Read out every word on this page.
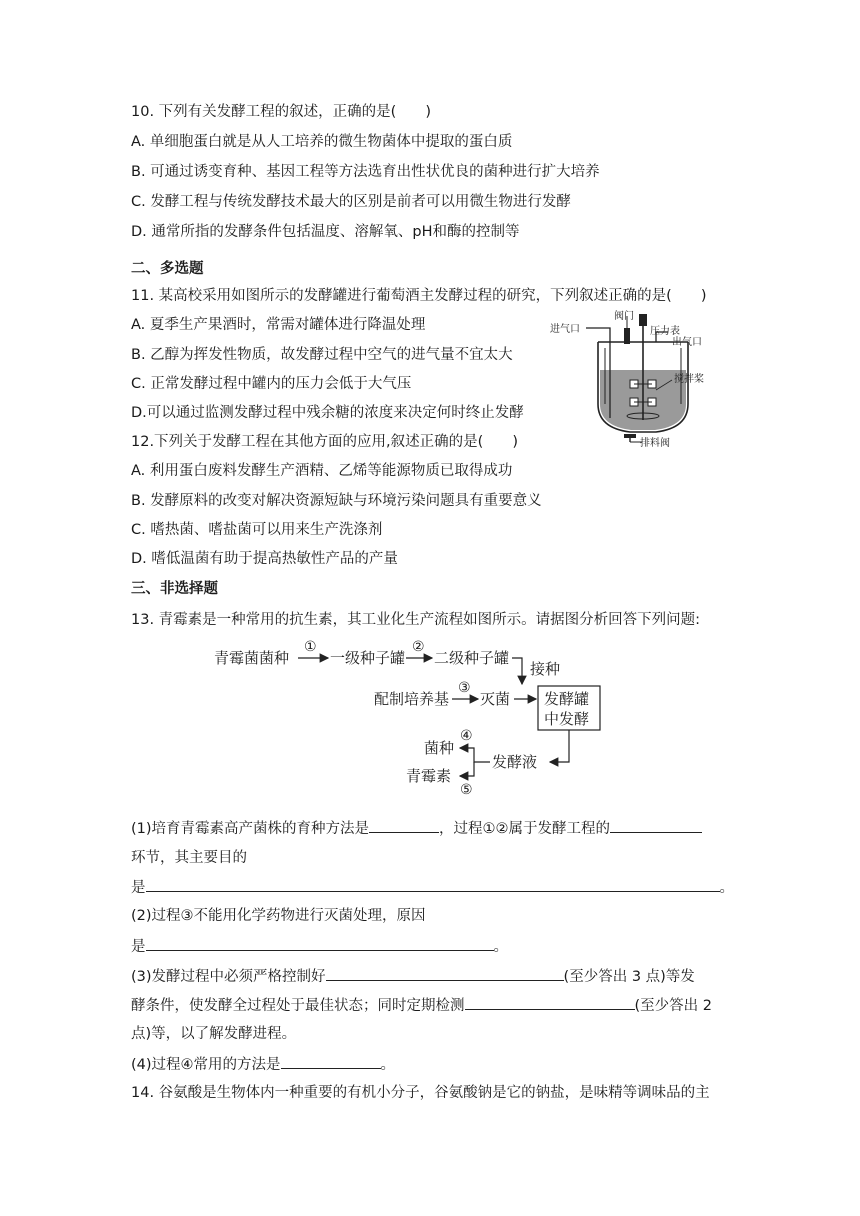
10. 下列有关发酵工程的叙述，正确的是(　　)
A. 单细胞蛋白就是从人工培养的微生物菌体中提取的蛋白质
B. 可通过诱变育种、基因工程等方法选育出性状优良的菌种进行扩大培养
C. 发酵工程与传统发酵技术最大的区别是前者可以用微生物进行发酵
D. 通常所指的发酵条件包括温度、溶解氧、pH和酶的控制等
二、多选题
11. 某高校采用如图所示的发酵罐进行葡萄酒主发酵过程的研究，下列叙述正确的是(　　)
A. 夏季生产果酒时，常需对罐体进行降温处理
B. 乙醇为挥发性物质，故发酵过程中空气的进气量不宜太大
C. 正常发酵过程中罐内的压力会低于大气压
D.可以通过监测发酵过程中残余糖的浓度来决定何时终止发酵
阀门
压力表
进气口
出气口
搅拌桨
排料阀
12.下列关于发酵工程在其他方面的应用,叙述正确的是(　　)
A. 利用蛋白废料发酵生产酒精、乙烯等能源物质已取得成功
B. 发酵原料的改变对解决资源短缺与环境污染问题具有重要意义
C. 嗜热菌、嗜盐菌可以用来生产洗涤剂
D. 嗜低温菌有助于提高热敏性产品的产量
三、非选择题
13. 青霉素是一种常用的抗生素，其工业化生产流程如图所示。请据图分析回答下列问题:
青霉菌菌种
①
一级种子罐
②
二级种子罐
接种
配制培养基
③
灭菌 发酵罐
中发酵
发酵液
④
⑤
菌种
青霉素
(1)培育青霉素高产菌株的育种方法是	，过程①②属于发酵工程的
环节，其主要目的
是	。
(2)过程③不能用化学药物进行灭菌处理，原因
是	。
(3)发酵过程中必须严格控制好	(至少答出 3 点)等发
酵条件，使发酵全过程处于最佳状态；同时定期检测	(至少答出 2
点)等，以了解发酵进程。
(4)过程④常用的方法是	。
14. 谷氨酸是生物体内一种重要的有机小分子，谷氨酸钠是它的钠盐，是味精等调味品的主
